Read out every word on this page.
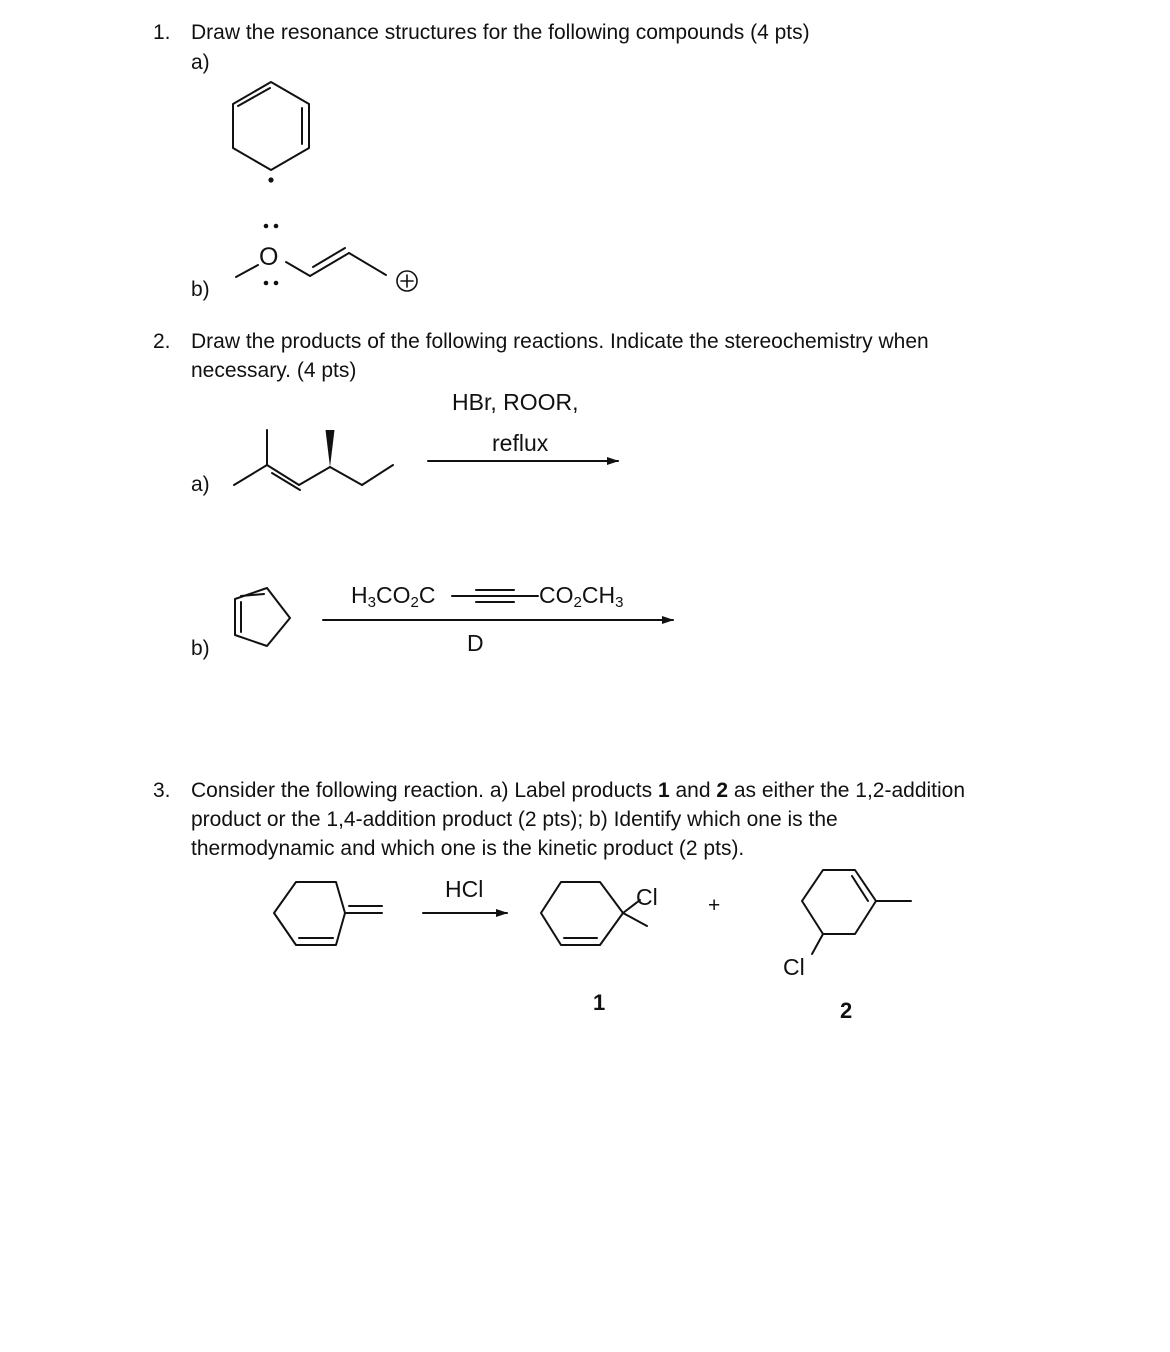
1. Draw the resonance structures for the following compounds (4 pts)
a)
b)
O
2. Draw the products of the following reactions. Indicate the stereochemistry when
necessary. (4 pts)
a)
b)
HBr, ROOR,
reflux
$H_3CO_2C$	$CO_2CH_3$
D
3. Consider the following reaction. a) Label products 1 and 2 as either the 1,2-addition
product or the 1,4-addition product (2 pts); b) Identify which one is the
thermodynamic and which one is the kinetic product (2 pts).
HCl	Cl +
Cl
1	2
